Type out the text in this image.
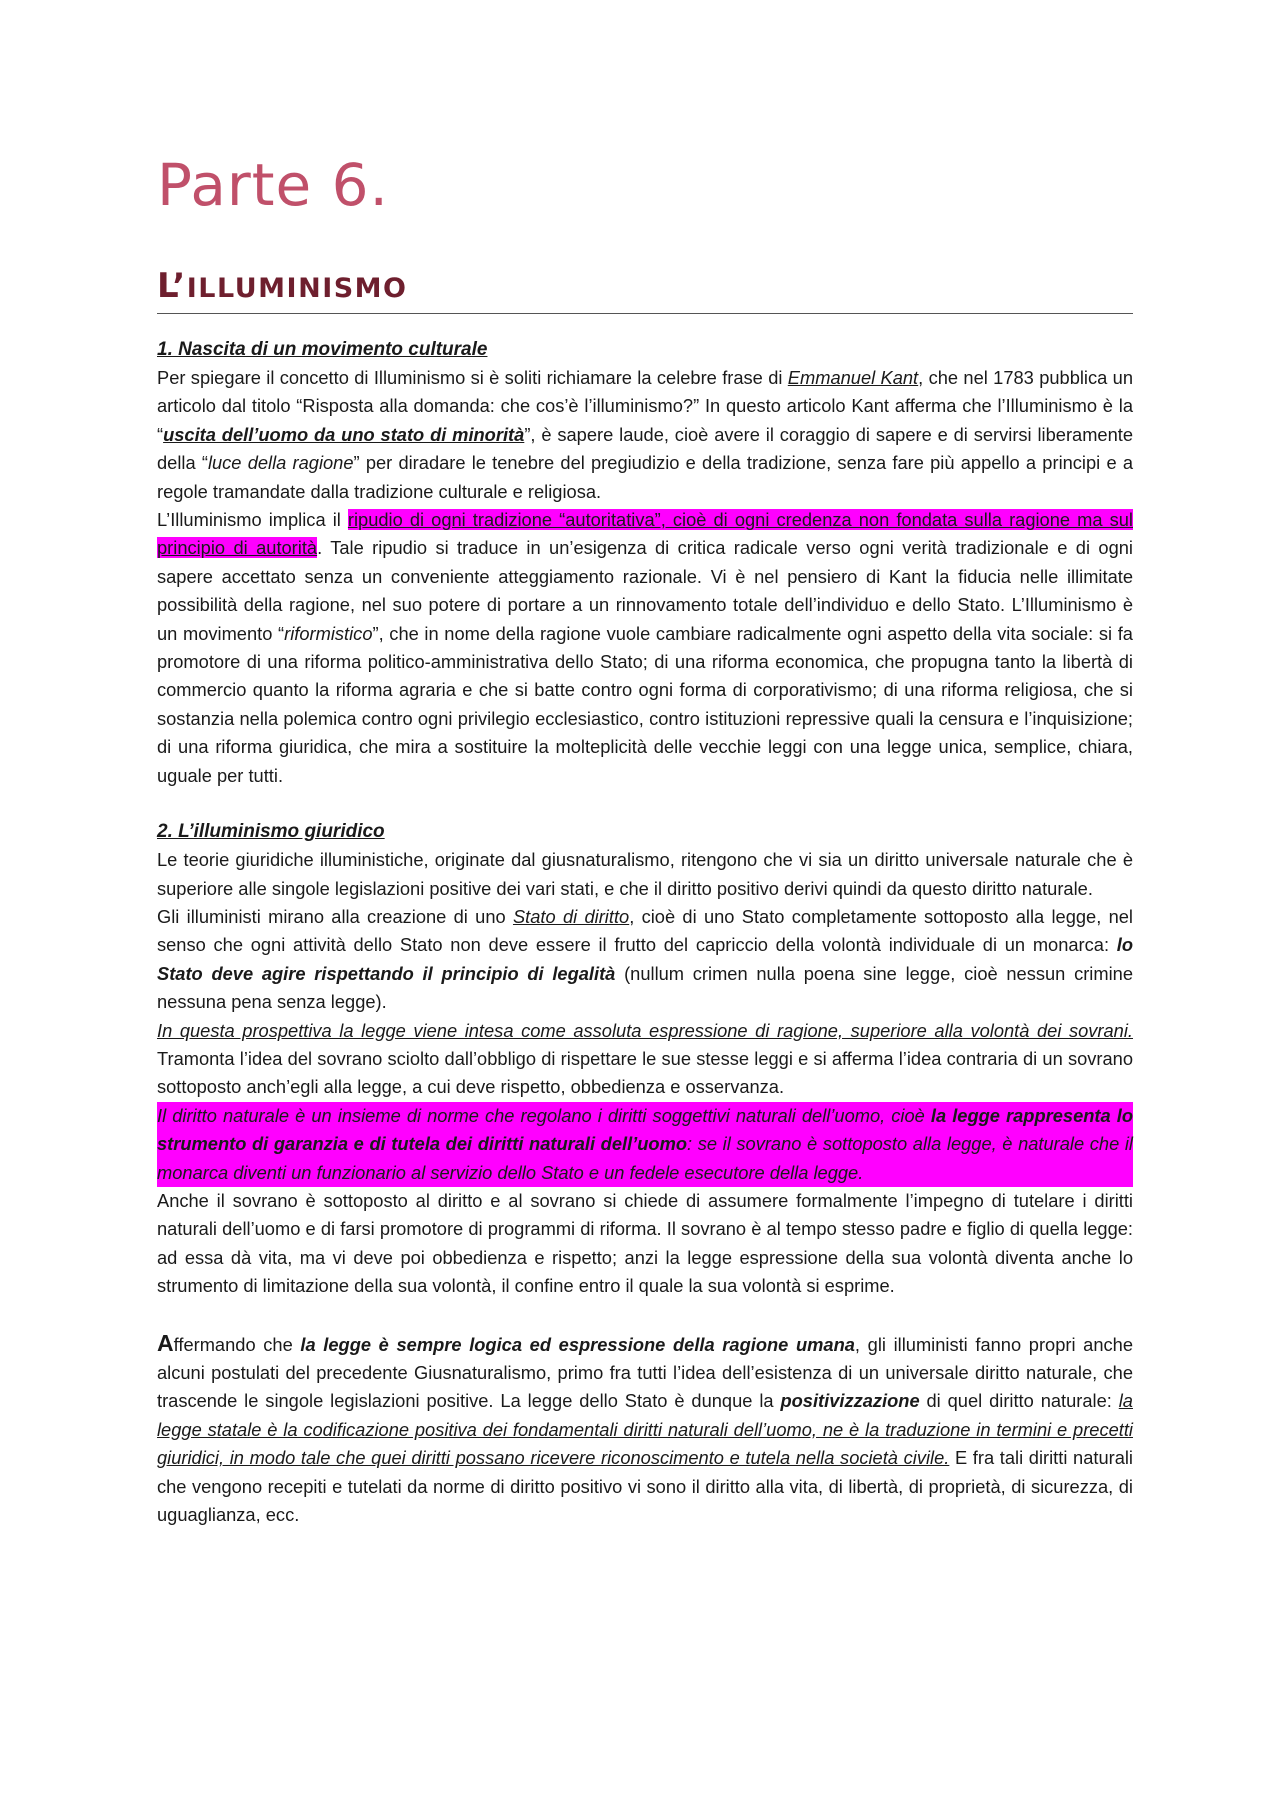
Parte 6.
L’ILLUMINISMO
1. Nascita di un movimento culturale

Per spiegare il concetto di Illuminismo si è soliti richiamare la celebre frase di Emmanuel Kant, che nel 1783 pubblica un articolo dal titolo “Risposta alla domanda: che cos’è l’illuminismo?” In questo articolo Kant afferma che l’Illuminismo è la “uscita dell’uomo da uno stato di minorità”, è sapere laude, cioè avere il coraggio di sapere e di servirsi liberamente della “luce della ragione” per diradare le tenebre del pregiudizio e della tradizione, senza fare più appello a principi e a regole tramandate dalla tradizione culturale e religiosa.

L’Illuminismo implica il ripudio di ogni tradizione “autoritativa”, cioè di ogni credenza non fondata sulla ragione ma sul principio di autorità. Tale ripudio si traduce in un’esigenza di critica radicale verso ogni verità tradizionale e di ogni sapere accettato senza un conveniente atteggiamento razionale. Vi è nel pensiero di Kant la fiducia nelle illimitate possibilità della ragione, nel suo potere di portare a un rinnovamento totale dell’individuo e dello Stato. L’Illuminismo è un movimento “riformistico”, che in nome della ragione vuole cambiare radicalmente ogni aspetto della vita sociale: si fa promotore di una riforma politico-amministrativa dello Stato; di una riforma economica, che propugna tanto la libertà di commercio quanto la riforma agraria e che si batte contro ogni forma di corporativismo; di una riforma religiosa, che si sostanzia nella polemica contro ogni privilegio ecclesiastico, contro istituzioni repressive quali la censura e l’inquisizione; di una riforma giuridica, che mira a sostituire la molteplicità delle vecchie leggi con una legge unica, semplice, chiara, uguale per tutti.

2. L’illuminismo giuridico

Le teorie giuridiche illuministiche, originate dal giusnaturalismo, ritengono che vi sia un diritto universale naturale che è superiore alle singole legislazioni positive dei vari stati, e che il diritto positivo derivi quindi da questo diritto naturale.

Gli illuministi mirano alla creazione di uno Stato di diritto, cioè di uno Stato completamente sottoposto alla legge, nel senso che ogni attività dello Stato non deve essere il frutto del capriccio della volontà individuale di un monarca: lo Stato deve agire rispettando il principio di legalità (nullum crimen nulla poena sine legge, cioè nessun crimine nessuna pena senza legge).

In questa prospettiva la legge viene intesa come assoluta espressione di ragione, superiore alla volontà dei sovrani. Tramonta l’idea del sovrano sciolto dall’obbligo di rispettare le sue stesse leggi e si afferma l’idea contraria di un sovrano sottoposto anch’egli alla legge, a cui deve rispetto, obbedienza e osservanza.

Il diritto naturale è un insieme di norme che regolano i diritti soggettivi naturali dell’uomo, cioè la legge rappresenta lo strumento di garanzia e di tutela dei diritti naturali dell’uomo: se il sovrano è sottoposto alla legge, è naturale che il monarca diventi un funzionario al servizio dello Stato e un fedele esecutore della legge.

Anche il sovrano è sottoposto al diritto e al sovrano si chiede di assumere formalmente l’impegno di tutelare i diritti naturali dell’uomo e di farsi promotore di programmi di riforma. Il sovrano è al tempo stesso padre e figlio di quella legge: ad essa dà vita, ma vi deve poi obbedienza e rispetto; anzi la legge espressione della sua volontà diventa anche lo strumento di limitazione della sua volontà, il confine entro il quale la sua volontà si esprime.

Affermando che la legge è sempre logica ed espressione della ragione umana, gli illuministi fanno propri anche alcuni postulati del precedente Giusnaturalismo, primo fra tutti l’idea dell’esistenza di un universale diritto naturale, che trascende le singole legislazioni positive. La legge dello Stato è dunque la positivizzazione di quel diritto naturale: la legge statale è la codificazione positiva dei fondamentali diritti naturali dell’uomo, ne è la traduzione in termini e precetti giuridici, in modo tale che quei diritti possano ricevere riconoscimento e tutela nella società civile. E fra tali diritti naturali che vengono recepiti e tutelati da norme di diritto positivo vi sono il diritto alla vita, di libertà, di proprietà, di sicurezza, di uguaglianza, ecc.
